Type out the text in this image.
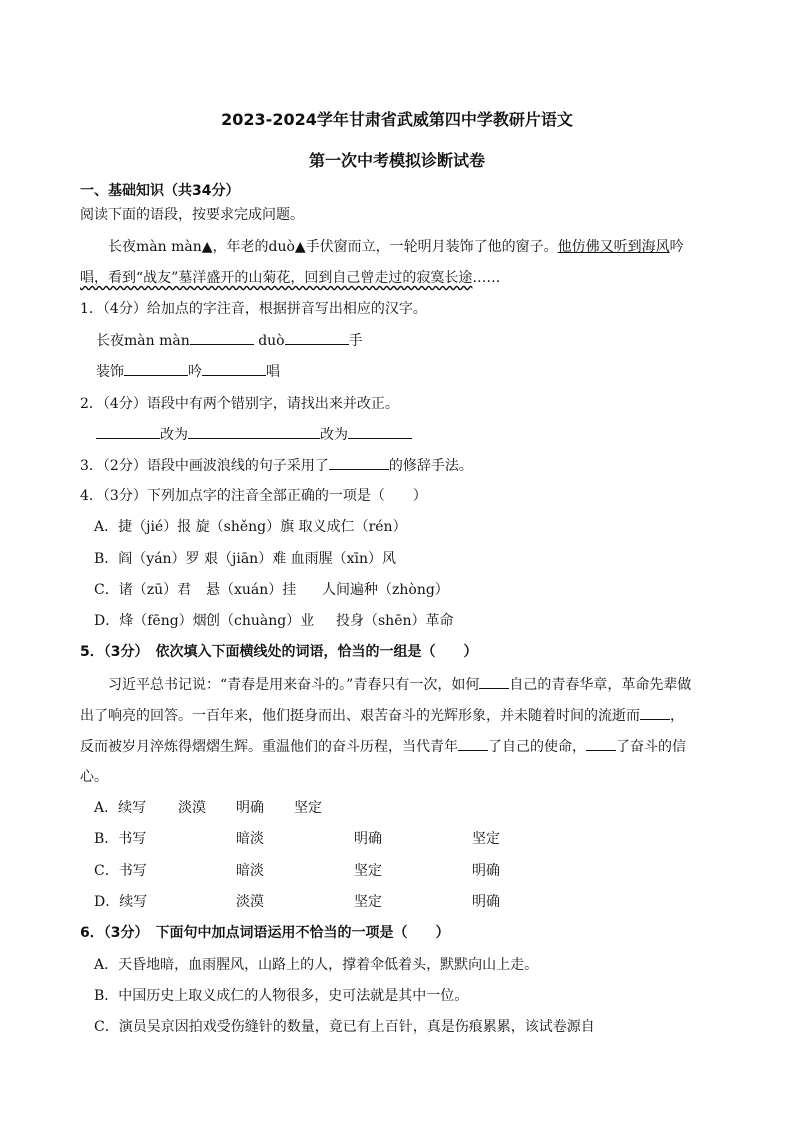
2023-2024学年甘肃省武威第四中学教研片语文
第一次中考模拟诊断试卷
一、基础知识（共34分）
阅读下面的语段，按要求完成问题。
长夜màn màn▲，年老的duò▲手伏窗而立，一轮明月装饰了他的窗子。他仿佛又听到海风吟
唱，看到“战友”墓洋盛开的山菊花，回到自己曾走过的寂寞长途……
1．（4分）给加点的字注音，根据拼音写出相应的汉字。
长夜màn màn	duò	手
装饰	吟	唱
2．（4分）语段中有两个错别字，请找出来并改正。
改为	改为
3．（2分）语段中画波浪线的句子采用了	的修辞手法。
4．（3分）下列加点字的注音全部正确的一项是（　　）
A．捷（jié）报 旋（shěng）旗 取义成仁（rén）
B．阎（yán）罗 艰（jiān）难 血雨腥（xīn）风
C．诸（zū）君 悬（xuán）挂 人间遍种（zhòng）
D．烽（fēng）烟创（chuàng）业 投身（shēn）革命
5．（3分）　依次填入下面横线处的词语，恰当的一组是（　　）
习近平总书记说：“青春是用来奋斗的。”青春只有一次，如何 自己的青春华章，革命先辈做
出了响亮的回答。一百年来，他们挺身而出、艰苦奋斗的光辉形象，并未随着时间的流逝而 ，
反而被岁月淬炼得熠熠生辉。重温他们的奋斗历程，当代青年 了自己的使命， 了奋斗的信
心。
A．续写 淡漠 明确 坚定
B．书写	暗淡	明确	坚定
C．书写	暗淡	坚定	明确
D．续写	淡漠	坚定	明确
6．（3分）　下面句中加点词语运用不恰当的一项是（　　）
A．天昏地暗，血雨腥风，山路上的人，撑着伞低着头，默默向山上走。
B．中国历史上取义成仁的人物很多，史可法就是其中一位。
C．演员吴京因拍戏受伤缝针的数量，竟已有上百针，真是伤痕累累，该试卷源自
